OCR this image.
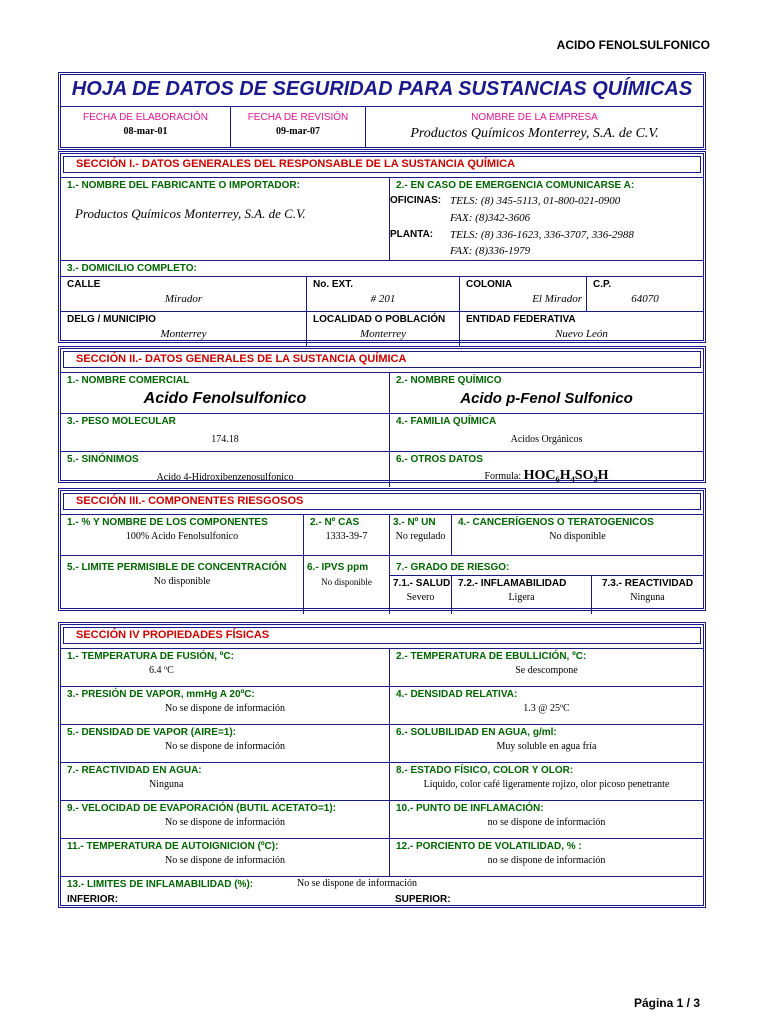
ACIDO FENOLSULFONICO
HOJA DE DATOS DE SEGURIDAD PARA SUSTANCIAS QUÍMICAS
FECHA DE ELABORACIÓN
08-mar-01
FECHA DE REVISIÓN
09-mar-07
NOMBRE DE LA EMPRESA
Productos Químicos Monterrey, S.A. de C.V.
SECCIÓN I.- DATOS GENERALES DEL RESPONSABLE DE LA SUSTANCIA QUÍMICA
1.- NOMBRE DEL FABRICANTE O IMPORTADOR:
Productos Químicos Monterrey, S.A. de C.V.
2.- EN CASO DE EMERGENCIA COMUNICARSE A:
OFICINAS: TELS: (8) 345-5113, 01-800-021-0900
FAX: (8)342-3606
PLANTA:	TELS: (8) 336-1623, 336-3707, 336-2988
FAX: (8)336-1979
3.- DOMICILIO COMPLETO:
CALLE
Mirador
No. EXT.
# 201
COLONIA
El Mirador
C.P.
64070
DELG / MUNICIPIO
Monterrey
LOCALIDAD O POBLACIÓN
Monterrey
ENTIDAD FEDERATIVA
Nuevo León
SECCIÓN II.- DATOS GENERALES DE LA SUSTANCIA QUÍMICA
1.- NOMBRE COMERCIAL
Acido Fenolsulfonico
2.- NOMBRE QUÍMICO
Acido p-Fenol Sulfonico
3.- PESO MOLECULAR
174.18
4.- FAMILIA QUÍMICA
Acidos Orgánicos
5.- SINÓNIMOS
Acido 4-Hidroxibenzenosulfonico
6.- OTROS DATOS
Formula: HOC₆H₄SO₃H
SECCIÓN III.- COMPONENTES RIESGOSOS
1.- % Y NOMBRE DE LOS COMPONENTES
100% Acido Fenolsulfonico
2.- Nº CAS
1333-39-7
3.- Nº UN
No regulado
4.- CANCERÍGENOS O TERATOGENICOS
No disponible
5.- LIMITE PERMISIBLE DE CONCENTRACIÓN
No disponible
6.- IPVS ppm
No disponible
7.- GRADO DE RIESGO:
7.1.- SALUD
Severo
7.2.- INFLAMABILIDAD
Ligera
7.3.- REACTIVIDAD
Ninguna
SECCIÓN IV PROPIEDADES FÍSICAS
1.- TEMPERATURA DE FUSIÓN, ºC:
6.4 ºC
2.- TEMPERATURA DE EBULLICIÓN, ºC:
Se descompone
3.- PRESIÓN DE VAPOR, mmHg A 20ºC:
No se dispone de información
4.- DENSIDAD RELATIVA:
1.3 @ 25ºC
5.- DENSIDAD DE VAPOR (AIRE=1):
No se dispone de información
6.- SOLUBILIDAD EN AGUA, g/ml:
Muy soluble en agua fría
7.- REACTIVIDAD EN AGUA:
Ninguna
8.- ESTADO FÍSICO, COLOR Y OLOR:
Liquido, color café ligeramente rojizo, olor picoso penetrante
9.- VELOCIDAD DE EVAPORACIÓN (BUTIL ACETATO=1):
No se dispone de información
10.- PUNTO DE INFLAMACIÓN:
no se dispone de información
11.- TEMPERATURA DE AUTOIGNICION (ºC):
No se dispone de información
12.- PORCIENTO DE VOLATILIDAD, % :
no se dispone de información
13.- LIMITES DE INFLAMABILIDAD (%):	No se dispone de información
INFERIOR:	SUPERIOR:
Página 1 / 3
